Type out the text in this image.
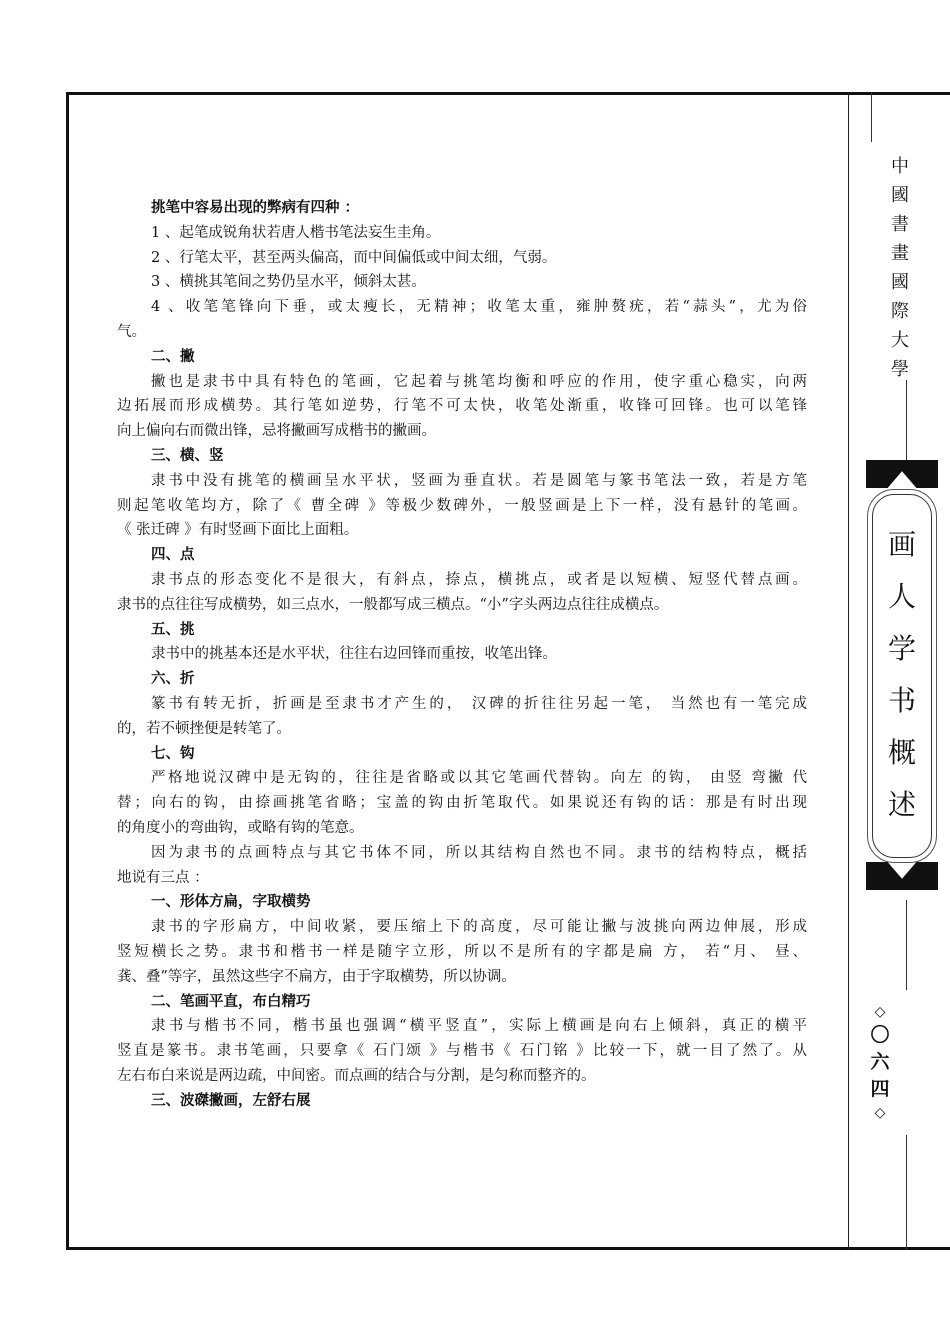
中
國
書
畫
國
際
大
學
画
人
学
书
概
述
◇
〇
六
四
◇
挑笔中容易出现的弊病有四种 ：
1 、起笔成锐角状若唐人楷书笔法妄生圭角。
2 、行笔太平，甚至两头偏高，而中间偏低或中间太细，气弱。
3 、横挑其笔间之势仍呈水平，倾斜太甚。
4 、收笔笔锋向下垂，或太瘦长，无精神；收笔太重，雍肿赘疣，若“蒜头”，尤为俗
气。
二、撇
撇也是隶书中具有特色的笔画，它起着与挑笔均衡和呼应的作用，使字重心稳实，向两
边拓展而形成横势。其行笔如逆势，行笔不可太快，收笔处渐重，收锋可回锋。也可以笔锋
向上偏向右而微出锋，忌将撇画写成楷书的撇画。
三、横、竖
隶书中没有挑笔的横画呈水平状，竖画为垂直状。若是圆笔与篆书笔法一致，若是方笔
则起笔收笔均方，除了《 曹全碑 》等极少数碑外，一般竖画是上下一样，没有悬针的笔画。
《 张迁碑 》有时竖画下面比上面粗。
四、点
隶书点的形态变化不是很大，有斜点，捺点，横挑点，或者是以短横、短竖代替点画。
隶书的点往往写成横势，如三点水，一般都写成三横点。“小”字头两边点往往成横点。
五、挑
隶书中的挑基本还是水平状，往往右边回锋而重按，收笔出锋。
六、折
篆书有转无折，折画是至隶书才产生的， 汉碑的折往往另起一笔， 当然也有一笔完成
的，若不顿挫便是转笔了。
七、钩
严格地说汉碑中是无钩的，往往是省略或以其它笔画代替钩。向左 的钩， 由竖 弯撇 代
替；向右的钩，由捺画挑笔省略；宝盖的钩由折笔取代。如果说还有钩的话：那是有时出现
的角度小的弯曲钩，或略有钩的笔意。
因为隶书的点画特点与其它书体不同，所以其结构自然也不同。隶书的结构特点，概括
地说有三点 ：
一、形体方扁，字取横势
隶书的字形扁方，中间收紧，要压缩上下的高度，尽可能让撇与波挑向两边伸展，形成
竖短横长之势。隶书和楷书一样是随字立形，所以不是所有的字都是扁 方， 若“月、 昼、
龚、叠”等字，虽然这些字不扁方，由于字取横势，所以协调。
二、笔画平直，布白精巧
隶书与楷书不同，楷书虽也强调“横平竖直”，实际上横画是向右上倾斜，真正的横平
竖直是篆书。隶书笔画，只要拿《 石门颂 》与楷书《 石门铭 》比较一下，就一目了然了。从
左右布白来说是两边疏，中间密。而点画的结合与分割，是匀称而整齐的。
三、波磔撇画，左舒右展
